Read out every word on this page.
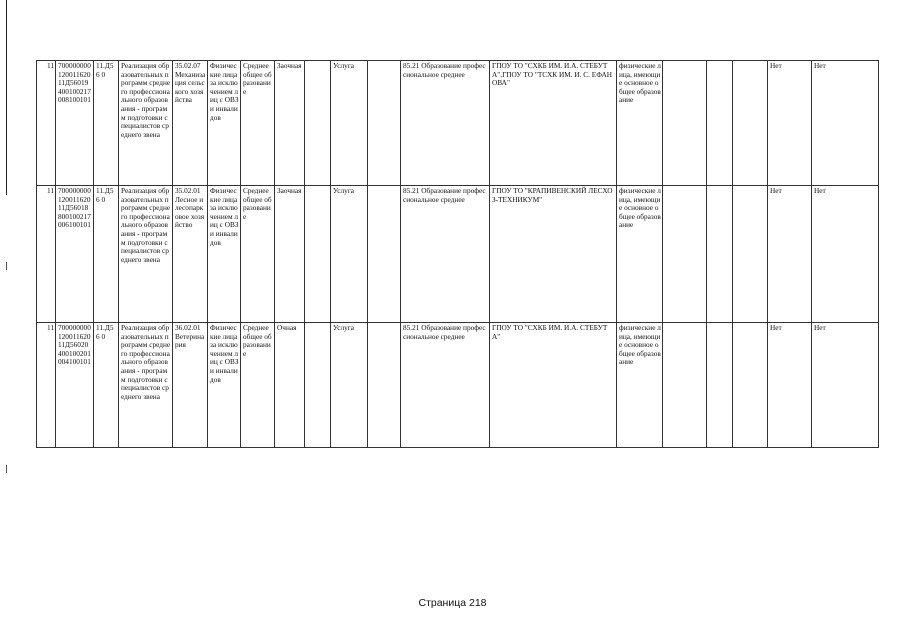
11	700000000 120011620 11Д56019 400100217 008100101	11.Д56 0	Реализация образовательных программ среднего профессионального образования - программ подготовки специалистов среднего звена	35.02.07 Механизация сельского хозяйства	Физические лица за исключением лиц с ОВЗ и инвалидов	Среднее общее образование	Заочная		Услуга		85.21 Образование профессиональное среднее	ГПОУ ТО "СХКБ ИМ. И.А. СТЕБУТА",ГПОУ ТО "ТСХК ИМ. И. С. ЕФАНОВА"	физические лица, имеющие основное общее образование				Нет	Нет
11	700000000 120011620 11Д56018 800100217 006100101	11.Д56 0	Реализация образовательных программ среднего профессионального образования - программ подготовки специалистов среднего звена	35.02.01 Лесное и лесопарковое хозяйство	Физические лица за исключением лиц с ОВЗ и инвалидов	Среднее общее образование	Заочная		Услуга		85.21 Образование профессиональное среднее	ГПОУ ТО "КРАПИВЕНСКИЙ ЛЕСХОЗ-ТЕХНИКУМ"	физические лица, имеющие основное общее образование				Нет	Нет
11	700000000 120011620 11Д56020 400100201 004100101	11.Д56 0	Реализация образовательных программ среднего профессионального образования - программ подготовки специалистов среднего звена	36.02.01 Ветеринария	Физические лица за исключением лиц с ОВЗ и инвалидов	Среднее общее образование	Очная		Услуга		85.21 Образование профессиональное среднее	ГПОУ ТО "СХКБ ИМ. И.А. СТЕБУТА"	физические лица, имеющие основное общее образование				Нет	Нет
Страница 218
